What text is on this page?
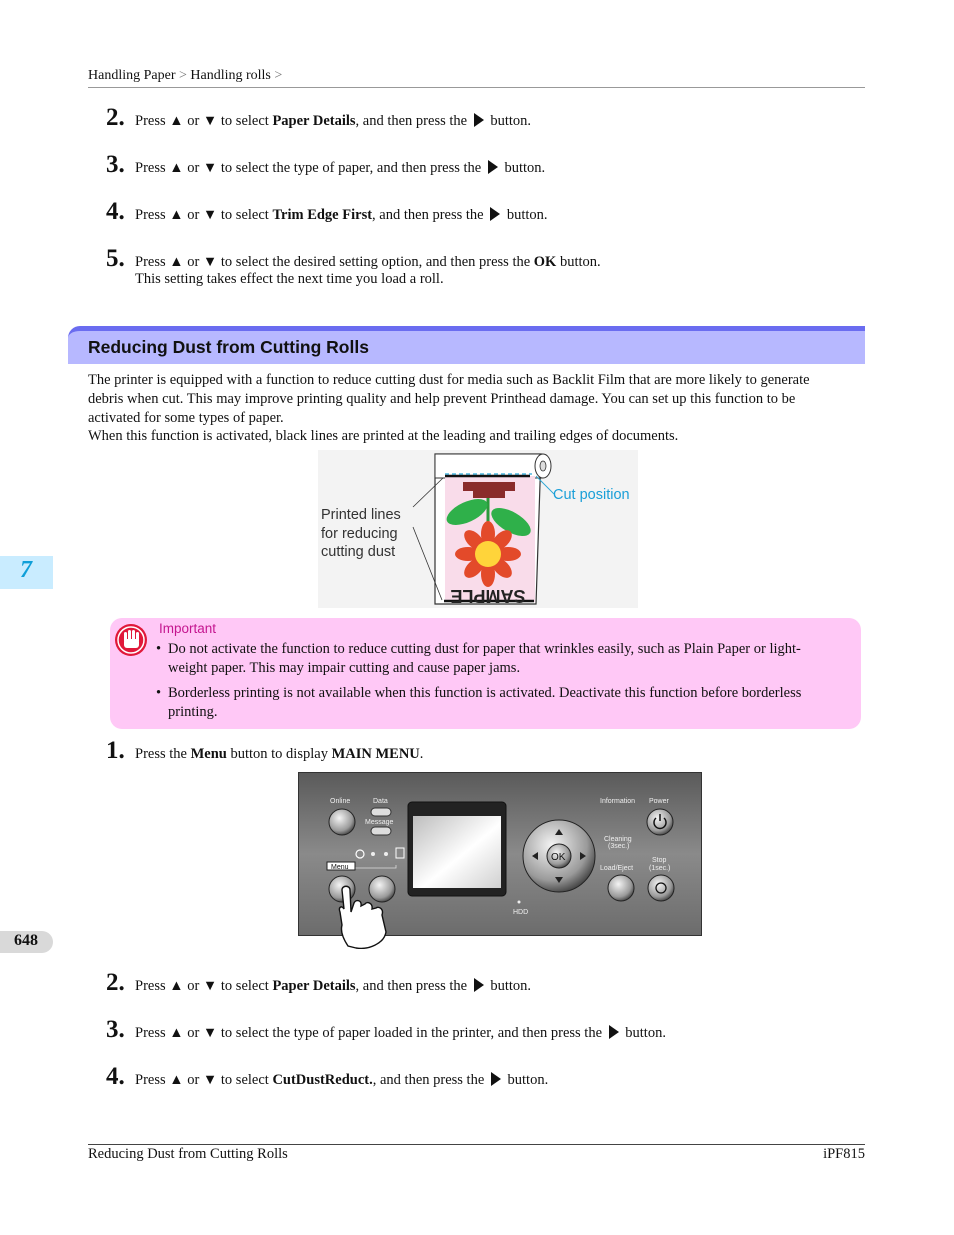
Handling Paper > Handling rolls >
2. Press ▲ or ▼ to select Paper Details, and then press the button.
3. Press ▲ or ▼ to select the type of paper, and then press the button.
4. Press ▲ or ▼ to select Trim Edge First, and then press the button.
5. Press ▲ or ▼ to select the desired setting option, and then press the OK button.
This setting takes effect the next time you load a roll.
Reducing Dust from Cutting Rolls
The printer is equipped with a function to reduce cutting dust for media such as Backlit Film that are more likely to generate
debris when cut. This may improve printing quality and help prevent Printhead damage. You can set up this function to be
activated for some types of paper.
When this function is activated, black lines are printed at the leading and trailing edges of documents.
SAMPLE
Printed lines
for reducing
cutting dust
Cut position
7
Important
• Do not activate the function to reduce cutting dust for paper that wrinkles easily, such as Plain Paper or light-
weight paper. This may impair cutting and cause paper jams.
• Borderless printing is not available when this function is activated. Deactivate this function before borderless
printing.
1. Press the Menu button to display MAIN MENU.
Online	Data
Message
Information Power
Cleaning
(3sec.)
Load/Eject
Stop
(1sec.)
HDD
Menu
OK
648
2. Press ▲ or ▼ to select Paper Details, and then press the button.
3. Press ▲ or ▼ to select the type of paper loaded in the printer, and then press the button.
4. Press ▲ or ▼ to select CutDustReduct., and then press the button.
Reducing Dust from Cutting Rolls	iPF815
